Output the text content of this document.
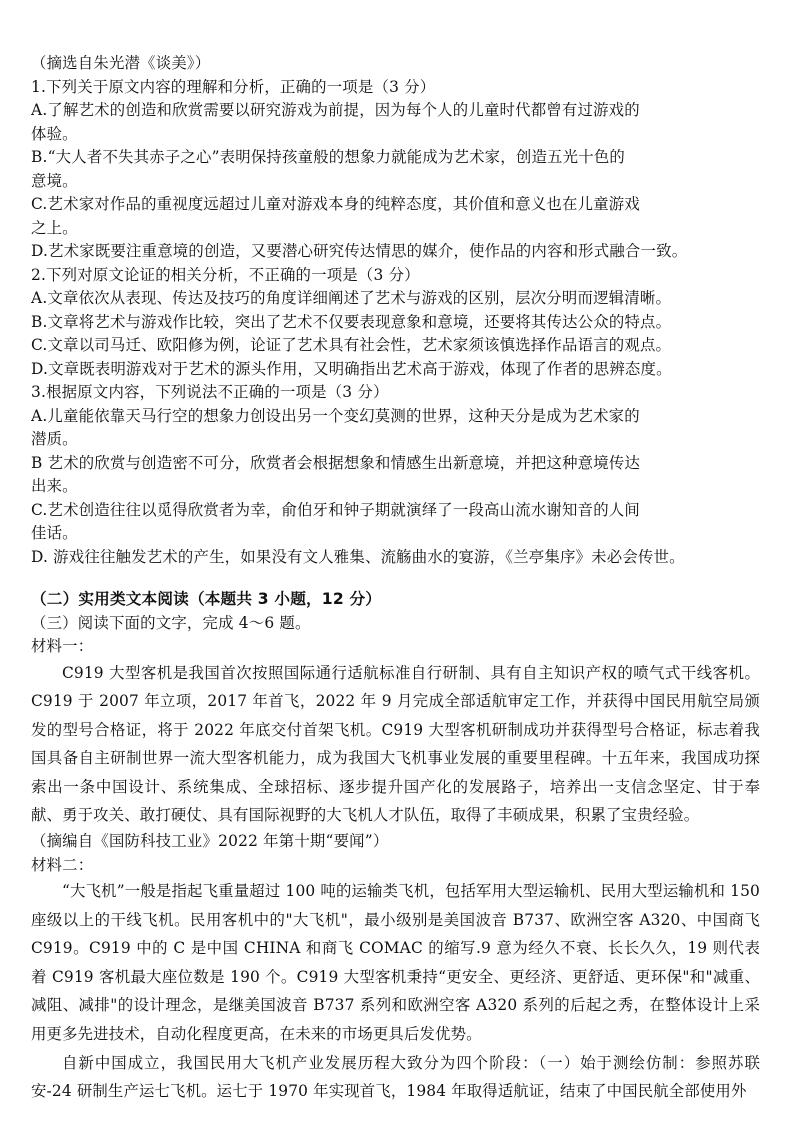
（摘选自朱光潜《谈美》）
1.下列关于原文内容的理解和分析，正确的一项是（3 分）
A.了解艺术的创造和欣赏需要以研究游戏为前提，因为每个人的儿童时代都曾有过游戏的
体验。
B.“大人者不失其赤子之心”表明保持孩童般的想象力就能成为艺术家，创造五光十色的
意境。
C.艺术家对作品的重视度远超过儿童对游戏本身的纯粹态度，其价值和意义也在儿童游戏
之上。
D.艺术家既要注重意境的创造，又要潜心研究传达情思的媒介，使作品的内容和形式融合一致。
2.下列对原文论证的相关分析，不正确的一项是（3 分）
A.文章依次从表现、传达及技巧的角度详细阐述了艺术与游戏的区别，层次分明而逻辑清晰。
B.文章将艺术与游戏作比较，突出了艺术不仅要表现意象和意境，还要将其传达公众的特点。
C.文章以司马迁、欧阳修为例，论证了艺术具有社会性，艺术家须该慎选择作品语言的观点。
D.文章既表明游戏对于艺术的源头作用，又明确指出艺术高于游戏，体现了作者的思辨态度。
3.根据原文内容，下列说法不正确的一项是（3 分）
A.儿童能依靠天马行空的想象力创设出另一个变幻莫测的世界，这种天分是成为艺术家的
潜质。
B 艺术的欣赏与创造密不可分，欣赏者会根据想象和情感生出新意境，并把这种意境传达
出来。
C.艺术创造往往以觅得欣赏者为幸，俞伯牙和钟子期就演绎了一段高山流水谢知音的人间
佳话。
D. 游戏往往触发艺术的产生，如果没有文人雅集、流觞曲水的宴游，《兰亭集序》未必会传世。
（二）实用类文本阅读（本题共 3 小题，12 分）
（三）阅读下面的文字，完成 4～6 题。
材料一：
C919 大型客机是我国首次按照国际通行适航标准自行研制、具有自主知识产权的喷气式干线客机。C919 于 2007 年立项，2017 年首飞，2022 年 9 月完成全部适航审定工作，并获得中国民用航空局颁发的型号合格证，将于 2022 年底交付首架飞机。C919 大型客机研制成功并获得型号合格证，标志着我国具备自主研制世界一流大型客机能力，成为我国大飞机事业发展的重要里程碑。十五年来，我国成功探索出一条中国设计、系统集成、全球招标、逐步提升国产化的发展路子，培养出一支信念坚定、甘于奉献、勇于攻关、敢打硬仗、具有国际视野的大飞机人才队伍，取得了丰硕成果，积累了宝贵经验。
（摘编自《国防科技工业》2022 年第十期“要闻”）
材料二：
“大飞机”一般是指起飞重量超过 100 吨的运输类飞机，包括军用大型运输机、民用大型运输机和 150 座级以上的干线飞机。民用客机中的"大飞机"，最小级别是美国波音 B737、欧洲空客 A320、中国商飞 C919。C919 中的 C 是中国 CHINA 和商飞 COMAC 的缩写.9 意为经久不衰、长长久久，19 则代表着 C919 客机最大座位数是 190 个。C919 大型客机秉持“更安全、更经济、更舒适、更环保"和"减重、减阻、减排"的设计理念，是继美国波音 B737 系列和欧洲空客 A320 系列的后起之秀，在整体设计上采用更多先进技术，自动化程度更高，在未来的市场更具后发优势。
自新中国成立，我国民用大飞机产业发展历程大致分为四个阶段：（一）始于测绘仿制：参照苏联安-24 研制生产运七飞机。运七于 1970 年实现首飞，1984 年取得适航证，结束了中国民航全部使用外
